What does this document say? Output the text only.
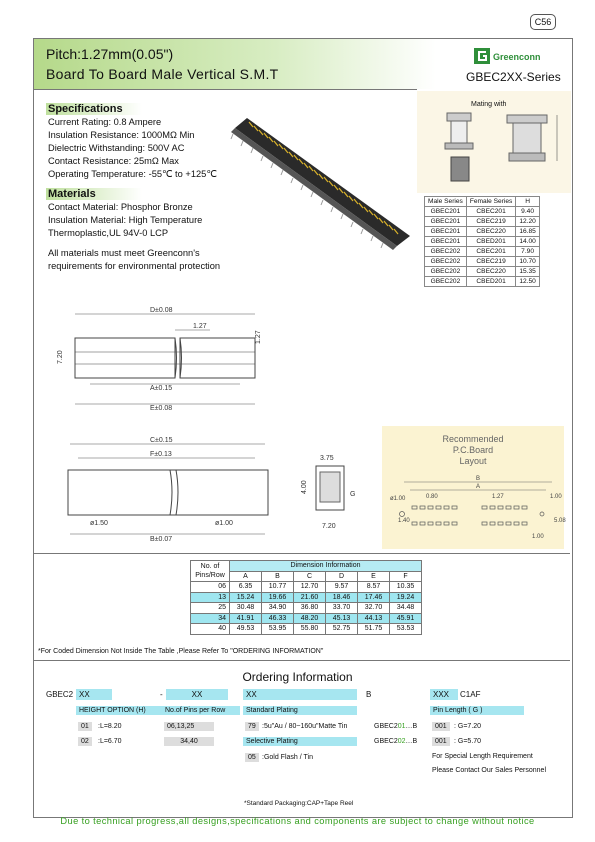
C56
Pitch:1.27mm(0.05")
Board To Board Male Vertical S.M.T
Greenconn
GBEC2XX-Series
Specifications
Current Rating: 0.8 Ampere
Insulation Resistance: 1000MΩ Min
Dielectric Withstanding: 500V AC
Contact Resistance: 25mΩ Max
Operating Temperature: -55℃ to +125℃
Materials
Contact Material: Phosphor Bronze
Insulation Material: High Temperature
Thermoplastic,UL 94V-0 LCP
All materials must meet Greenconn's
requirements for environmental protection
Mating with
Male Series	Female Series	H
GBEC201	CBEC201	9.40
GBEC201	CBEC219	12.20
GBEC201	CBEC220	16.85
GBEC201	CBED201	14.00
GBEC202	CBEC201	7.90
GBEC202	CBEC219	10.70
GBEC202	CBEC220	15.35
GBEC202	CBED201	12.50
D±0.08
1.27
1.27
7.20
A±0.15
E±0.08
C±0.15
F±0.13
ø1.50	ø1.00
B±0.07
3.75
4.00
G
7.20
Recommended
P.C.Board
Layout
B
A
0.80	1.27	1.00
ø1.00
1.40	5.08
1.00
No. of
Pins/Row	Dimension Information					
	A	B	C	D	E	F
06	6.35	10.77	12.70	9.57	8.57	10.35
13	15.24	19.66	21.60	18.46	17.46	19.24
25	30.48	34.90	36.80	33.70	32.70	34.48
34	41.91	46.33	48.20	45.13	44.13	45.91
40	49.53	53.95	55.80	52.75	51.75	53.53
*For Coded Dimension Not Inside The Table ,Please Refer To "ORDERING INFORMATION"
Ordering Information
GBEC2 XX	-	XX	XX	B	XXX	C1AF
HEIGHT OPTION (H)
01	:L=8.20
02	:L=6.70
No.of Pins per Row
06,13,25
34,40
Standard Plating
79 :5u"Au / 80~160u"Matte Tin
Selective Plating
05 :Gold Flash / Tin
GBEC201…B
GBEC202…B
Pin Length ( G )
001	: G=7.20
001	: G=5.70
For Special Length Requirement
Please Contact Our Sales Personnel
*Standard Packaging:CAP+Tape Reel
Due to technical progress,all designs,specifications and components are subject to change without notice
